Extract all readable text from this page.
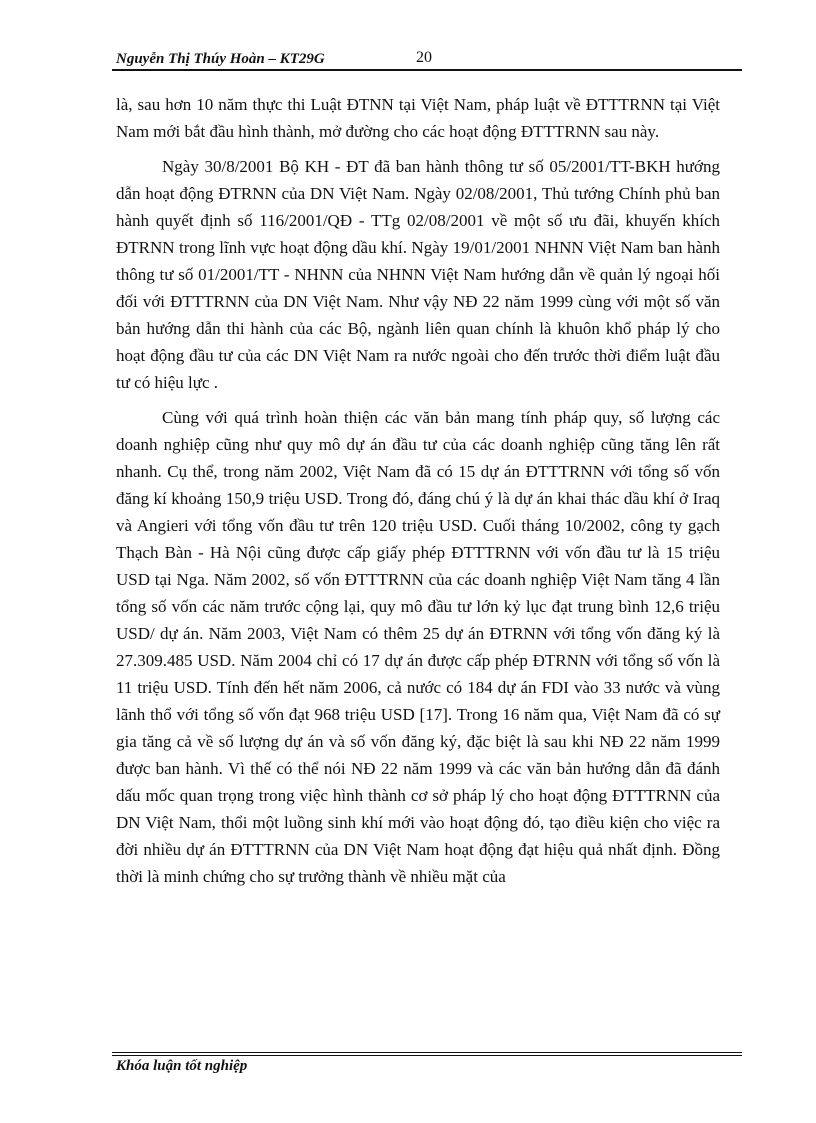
Nguyễn Thị Thúy Hoàn – KT29G	20

là, sau hơn 10 năm thực thi Luật ĐTNN tại Việt Nam, pháp luật về ĐTTTRNN tại Việt Nam mới bắt đầu hình thành, mở đường cho các hoạt động ĐTTTRNN sau này.

Ngày 30/8/2001 Bộ KH - ĐT đã ban hành thông tư số 05/2001/TT-BKH hướng dẫn hoạt động ĐTRNN của DN Việt Nam. Ngày 02/08/2001, Thủ tướng Chính phủ ban hành quyết định số 116/2001/QĐ - TTg 02/08/2001 về một số ưu đãi, khuyến khích ĐTRNN trong lĩnh vực hoạt động dầu khí. Ngày 19/01/2001 NHNN Việt Nam ban hành thông tư số 01/2001/TT - NHNN của NHNN Việt Nam hướng dẫn về quản lý ngoại hối đối với ĐTTTRNN của DN Việt Nam. Như vậy NĐ 22 năm 1999 cùng với một số văn bản hướng dẫn thi hành của các Bộ, ngành liên quan chính là khuôn khổ pháp lý cho hoạt động đầu tư của các DN Việt Nam ra nước ngoài cho đến trước thời điểm luật đầu tư có hiệu lực .

Cùng với quá trình hoàn thiện các văn bản mang tính pháp quy, số lượng các doanh nghiệp cũng như quy mô dự án đầu tư của các doanh nghiệp cũng tăng lên rất nhanh. Cụ thể, trong năm 2002, Việt Nam đã có 15 dự án ĐTTTRNN với tổng số vốn đăng kí khoảng 150,9 triệu USD. Trong đó, đáng chú ý là dự án khai thác dầu khí ở Iraq và Angieri với tổng vốn đầu tư trên 120 triệu USD. Cuối tháng 10/2002, công ty gạch Thạch Bàn - Hà Nội cũng được cấp giấy phép ĐTTTRNN với vốn đầu tư là 15 triệu USD tại Nga. Năm 2002, số vốn ĐTTTRNN của các doanh nghiệp Việt Nam tăng 4 lần tổng số vốn các năm trước cộng lại, quy mô đầu tư lớn kỷ lục đạt trung bình 12,6 triệu USD/ dự án. Năm 2003, Việt Nam có thêm 25 dự án ĐTRNN với tổng vốn đăng ký là 27.309.485 USD. Năm 2004 chỉ có 17 dự án được cấp phép ĐTRNN với tổng số vốn là 11 triệu USD. Tính đến hết năm 2006, cả nước có 184 dự án FDI vào 33 nước và vùng lãnh thổ với tổng số vốn đạt 968 triệu USD [17]. Trong 16 năm qua, Việt Nam đã có sự gia tăng cả về số lượng dự án và số vốn đăng ký, đặc biệt là sau khi NĐ 22 năm 1999 được ban hành. Vì thế có thể nói NĐ 22 năm 1999 và các văn bản hướng dẫn đã đánh dấu mốc quan trọng trong việc hình thành cơ sở pháp lý cho hoạt động ĐTTTRNN của DN Việt Nam, thổi một luồng sinh khí mới vào hoạt động đó, tạo điều kiện cho việc ra đời nhiều dự án ĐTTTRNN của DN Việt Nam hoạt động đạt hiệu quả nhất định. Đồng thời là minh chứng cho sự trưởng thành về nhiều mặt của

Khóa luận tốt nghiệp
